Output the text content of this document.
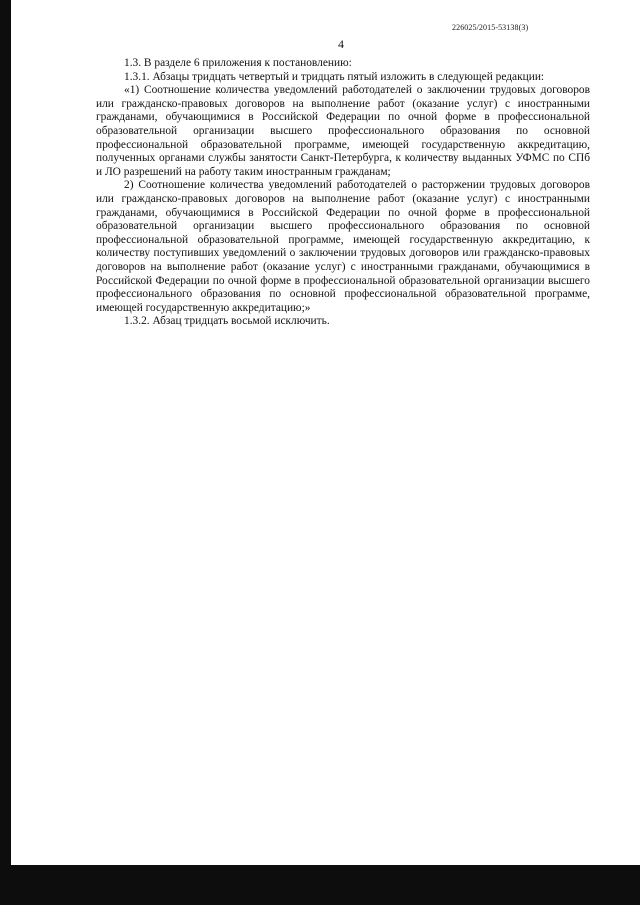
226025/2015-53138(3)
4

1.3. В разделе 6 приложения к постановлению:

1.3.1. Абзацы тридцать четвертый и тридцать пятый изложить в следующей редакции:

«1) Соотношение количества уведомлений работодателей о заключении трудовых договоров или гражданско-правовых договоров на выполнение работ (оказание услуг) с иностранными гражданами, обучающимися в Российской Федерации по очной форме в профессиональной образовательной организации высшего профессионального образования по основной профессиональной образовательной программе, имеющей государственную аккредитацию, полученных органами службы занятости Санкт-Петербурга, к количеству выданных УФМС по СПб и ЛО разрешений на работу таким иностранным гражданам;

2) Соотношение количества уведомлений работодателей о расторжении трудовых договоров или гражданско-правовых договоров на выполнение работ (оказание услуг) с иностранными гражданами, обучающимися в Российской Федерации по очной форме в профессиональной образовательной организации высшего профессионального образования по основной профессиональной образовательной программе, имеющей государственную аккредитацию, к количеству поступивших уведомлений о заключении трудовых договоров или гражданско-правовых договоров на выполнение работ (оказание услуг) с иностранными гражданами, обучающимися в Российской Федерации по очной форме в профессиональной образовательной организации высшего профессионального образования по основной профессиональной образовательной программе, имеющей государственную аккредитацию;»

1.3.2. Абзац тридцать восьмой исключить.
